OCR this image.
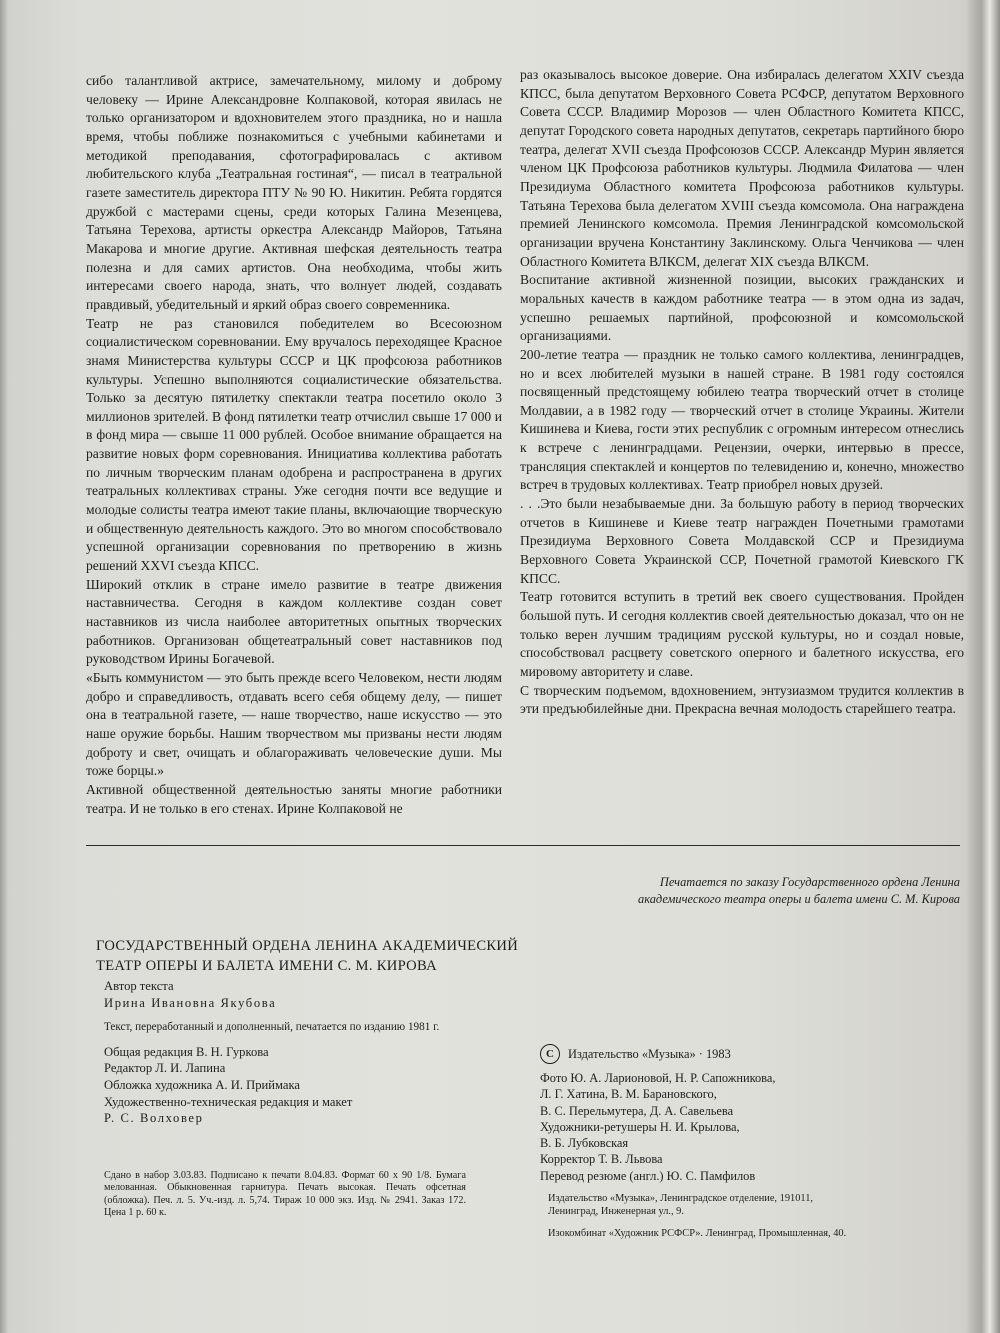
сибо талантливой актрисе, замечательному, милому и доброму человеку — Ирине Александровне Колпаковой, которая явилась не только организатором и вдохновителем этого праздника, но и нашла время, чтобы поближе познакомиться с учебными кабинетами и методикой преподавания, сфотографировалась с активом любительского клуба „Театральная гостиная“, — писал в театральной газете заместитель директора ПТУ № 90 Ю. Никитин. Ребята гордятся дружбой с мастерами сцены, среди которых Галина Мезенцева, Татьяна Терехова, артисты оркестра Александр Майоров, Татьяна Макарова и многие другие. Активная шефская деятельность театра полезна и для самих артистов. Она необходима, чтобы жить интересами своего народа, знать, что волнует людей, создавать правдивый, убедительный и яркий образ своего современника.

Театр не раз становился победителем во Всесоюзном социалистическом соревновании. Ему вручалось переходящее Красное знамя Министерства культуры СССР и ЦК профсоюза работников культуры. Успешно выполняются социалистические обязательства. Только за десятую пятилетку спектакли театра посетило около 3 миллионов зрителей. В фонд пятилетки театр отчислил свыше 17 000 и в фонд мира — свыше 11 000 рублей. Особое внимание обращается на развитие новых форм соревнования. Инициатива коллектива работать по личным творческим планам одобрена и распространена в других театральных коллективах страны. Уже сегодня почти все ведущие и молодые солисты театра имеют такие планы, включающие творческую и общественную деятельность каждого. Это во многом способствовало успешной организации соревнования по претворению в жизнь решений XXVI съезда КПСС.

Широкий отклик в стране имело развитие в театре движения наставничества. Сегодня в каждом коллективе создан совет наставников из числа наиболее авторитетных опытных творческих работников. Организован общетеатральный совет наставников под руководством Ирины Богачевой.

«Быть коммунистом — это быть прежде всего Человеком, нести людям добро и справедливость, отдавать всего себя общему делу, — пишет она в театральной газете, — наше творчество, наше искусство — это наше оружие борьбы. Нашим творчеством мы призваны нести людям доброту и свет, очищать и облагораживать человеческие души. Мы тоже борцы.»

Активной общественной деятельностью заняты многие работники театра. И не только в его стенах. Ирине Колпаковой не

раз оказывалось высокое доверие. Она избиралась делегатом XXIV съезда КПСС, была депутатом Верховного Совета РСФСР, депутатом Верховного Совета СССР. Владимир Морозов — член Областного Комитета КПСС, депутат Городского совета народных депутатов, секретарь партийного бюро театра, делегат XVII съезда Профсоюзов СССР. Александр Мурин является членом ЦК Профсоюза работников культуры. Людмила Филатова — член Президиума Областного комитета Профсоюза работников культуры. Татьяна Терехова была делегатом XVIII съезда комсомола. Она награждена премией Ленинского комсомола. Премия Ленинградской комсомольской организации вручена Константину Заклинскому. Ольга Ченчикова — член Областного Комитета ВЛКСМ, делегат XIX съезда ВЛКСМ.

Воспитание активной жизненной позиции, высоких гражданских и моральных качеств в каждом работнике театра — в этом одна из задач, успешно решаемых партийной, профсоюзной и комсомольской организациями.

200-летие театра — праздник не только самого коллектива, ленинградцев, но и всех любителей музыки в нашей стране. В 1981 году состоялся посвященный предстоящему юбилею театра творческий отчет в столице Молдавии, а в 1982 году — творческий отчет в столице Украины. Жители Кишинева и Киева, гости этих республик с огромным интересом отнеслись к встрече с ленинградцами. Рецензии, очерки, интервью в прессе, трансляция спектаклей и концертов по телевидению и, конечно, множество встреч в трудовых коллективах. Театр приобрел новых друзей.

. . .Это были незабываемые дни. За большую работу в период творческих отчетов в Кишиневе и Киеве театр награжден Почетными грамотами Президиума Верховного Совета Молдавской ССР и Президиума Верховного Совета Украинской ССР, Почетной грамотой Киевского ГК КПСС.

Театр готовится вступить в третий век своего существования. Пройден большой путь. И сегодня коллектив своей деятельностью доказал, что он не только верен лучшим традициям русской культуры, но и создал новые, способствовал расцвету советского оперного и балетного искусства, его мировому авторитету и славе.

С творческим подъемом, вдохновением, энтузиазмом трудится коллектив в эти предъюбилейные дни. Прекрасна вечная молодость старейшего театра.

Печатается по заказу Государственного ордена Ленина
академического театра оперы и балета имени С. М. Кирова
ГОСУДАРСТВЕННЫЙ ОРДЕНА ЛЕНИНА АКАДЕМИЧЕСКИЙ
ТЕАТР ОПЕРЫ И БАЛЕТА ИМЕНИ С. М. КИРОВА
Автор текста
Ирина Ивановна Якубова
Текст, переработанный и дополненный, печатается по изданию 1981 г.
Общая редакция В. Н. Гуркова
Редактор Л. И. Лапина
Обложка художника А. И. Приймака
Художественно-техническая редакция и макет
Р. С. Волховер
C	Издательство «Музыка» · 1983
Фото Ю. А. Ларионовой, Н. Р. Сапожникова,
Л. Г. Хатина, В. М. Барановского,
В. С. Перельмутера, Д. А. Савельева
Художники-ретушеры Н. И. Крылова,
В. Б. Лубковская
Корректор Т. В. Львова
Перевод резюме (англ.) Ю. С. Памфилов
Сдано в набор 3.03.83. Подписано к печати 8.04.83. Формат 60 x 90 1/8. Бумага мелованная. Обыкновенная гарнитура. Печать высокая. Печать офсетная (обложка). Печ. л. 5. Уч.-изд. л. 5,74. Тираж 10 000 экз. Изд. № 2941. Заказ 172. Цена 1 р. 60 к.
Издательство «Музыка», Ленинградское отделение, 191011,
Ленинград, Инженерная ул., 9.
Изокомбинат «Художник РСФСР». Ленинград, Промышленная, 40.
